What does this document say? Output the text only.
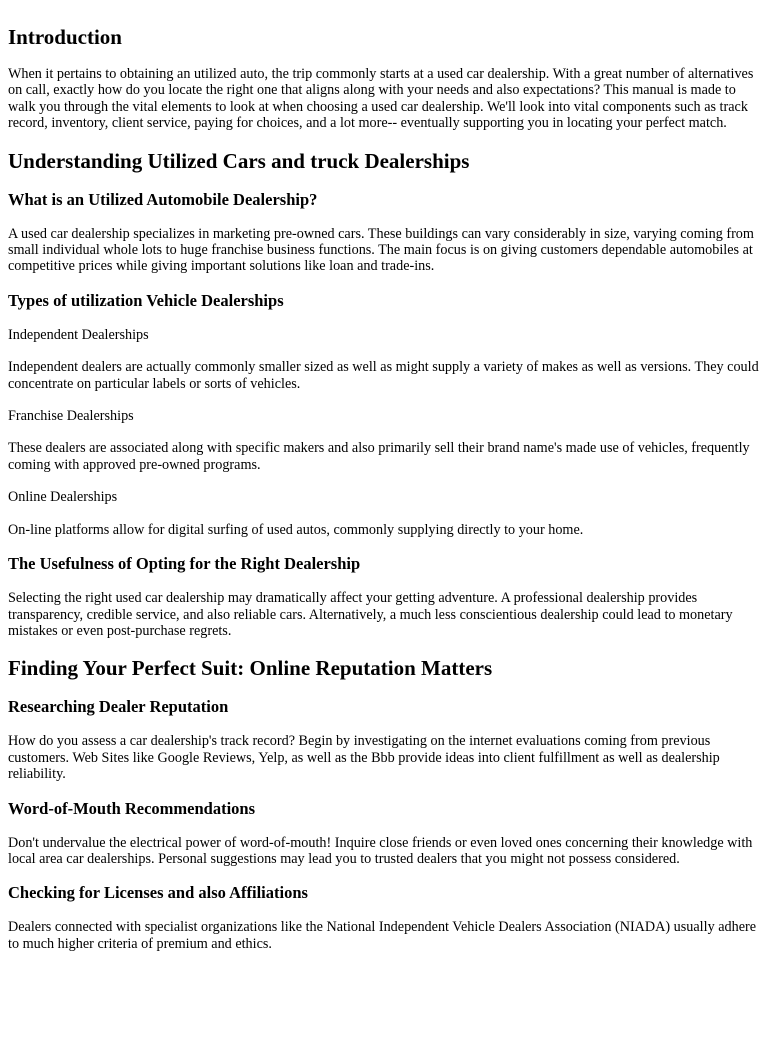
Introduction

When it pertains to obtaining an utilized auto, the trip commonly starts at a used car dealership. With a great number of alternatives on call, exactly how do you locate the right one that aligns along with your needs and also expectations? This manual is made to walk you through the vital elements to look at when choosing a used car dealership. We'll look into vital components such as track record, inventory, client service, paying for choices, and a lot more-- eventually supporting you in locating your perfect match.

Understanding Utilized Cars and truck Dealerships
What is an Utilized Automobile Dealership?

A used car dealership specializes in marketing pre-owned cars. These buildings can vary considerably in size, varying coming from small individual whole lots to huge franchise business functions. The main focus is on giving customers dependable automobiles at competitive prices while giving important solutions like loan and trade-ins.

Types of utilization Vehicle Dealerships

Independent Dealerships

Independent dealers are actually commonly smaller sized as well as might supply a variety of makes as well as versions. They could concentrate on particular labels or sorts of vehicles.

Franchise Dealerships

These dealers are associated along with specific makers and also primarily sell their brand name's made use of vehicles, frequently coming with approved pre-owned programs.

Online Dealerships

On-line platforms allow for digital surfing of used autos, commonly supplying directly to your home.

The Usefulness of Opting for the Right Dealership

Selecting the right used car dealership may dramatically affect your getting adventure. A professional dealership provides transparency, credible service, and also reliable cars. Alternatively, a much less conscientious dealership could lead to monetary mistakes or even post-purchase regrets.

Finding Your Perfect Suit: Online Reputation Matters
Researching Dealer Reputation

How do you assess a car dealership's track record? Begin by investigating on the internet evaluations coming from previous customers. Web Sites like Google Reviews, Yelp, as well as the Bbb provide ideas into client fulfillment as well as dealership reliability.

Word-of-Mouth Recommendations

Don't undervalue the electrical power of word-of-mouth! Inquire close friends or even loved ones concerning their knowledge with local area car dealerships. Personal suggestions may lead you to trusted dealers that you might not possess considered.

Checking for Licenses and also Affiliations

Dealers connected with specialist organizations like the National Independent Vehicle Dealers Association (NIADA) usually adhere to much higher criteria of premium and ethics.
